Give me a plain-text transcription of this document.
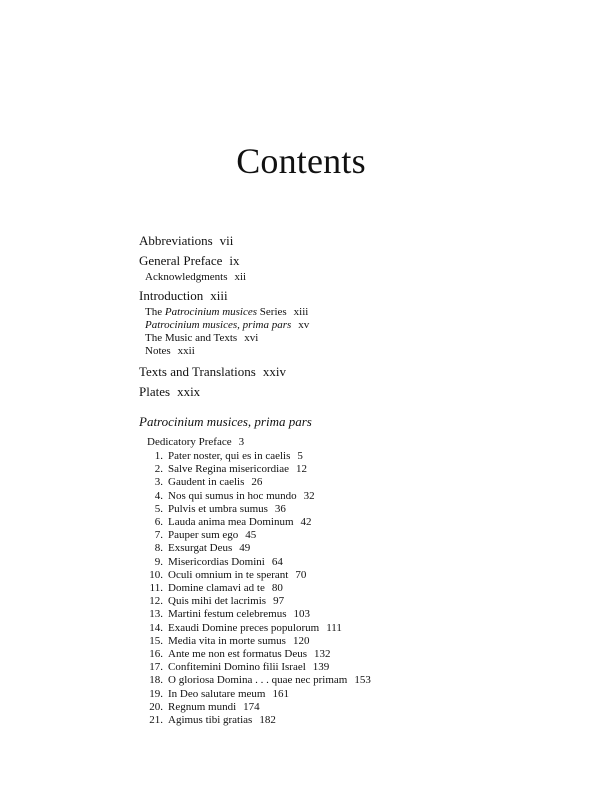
Contents
Abbreviations vii
General Preface ix
Acknowledgments xii
Introduction xiii
The Patrocinium musices Series xiii
Patrocinium musices, prima pars xv
The Music and Texts xvi
Notes xxii
Texts and Translations xxiv
Plates xxix
Patrocinium musices, prima pars
Dedicatory Preface 3
1. Pater noster, qui es in caelis 5
2. Salve Regina misericordiae 12
3. Gaudent in caelis 26
4. Nos qui sumus in hoc mundo 32
5. Pulvis et umbra sumus 36
6. Lauda anima mea Dominum 42
7. Pauper sum ego 45
8. Exsurgat Deus 49
9. Misericordias Domini 64
10. Oculi omnium in te sperant 70
11. Domine clamavi ad te 80
12. Quis mihi det lacrimis 97
13. Martini festum celebremus 103
14. Exaudi Domine preces populorum 111
15. Media vita in morte sumus 120
16. Ante me non est formatus Deus 132
17. Confitemini Domino filii Israel 139
18. O gloriosa Domina . . . quae nec primam 153
19. In Deo salutare meum 161
20. Regnum mundi 174
21. Agimus tibi gratias 182
